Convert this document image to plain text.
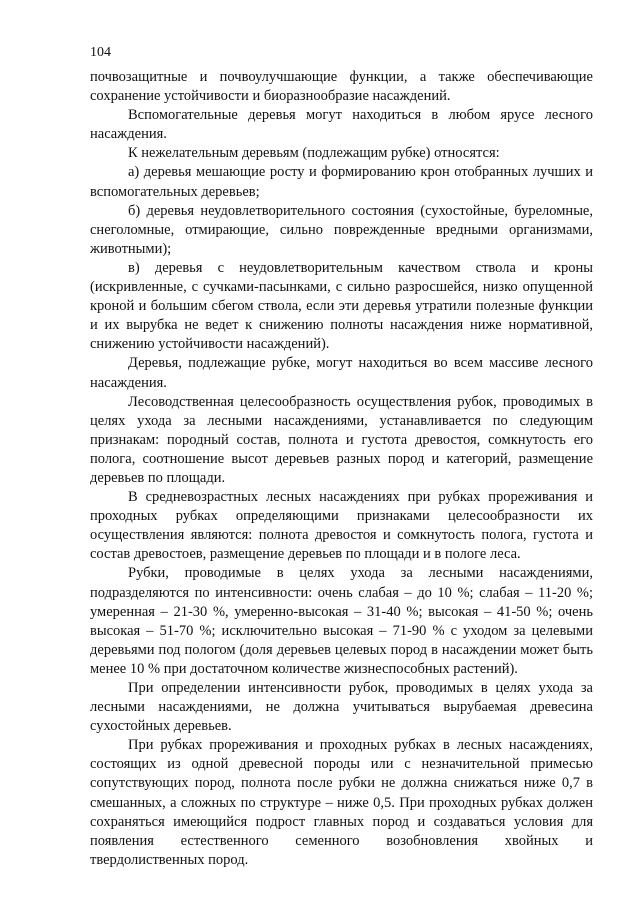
104

почвозащитные и почвоулучшающие функции, а также обеспечивающие сохранение устойчивости и биоразнообразие насаждений.

Вспомогательные деревья могут находиться в любом ярусе лесного насаждения.

К нежелательным деревьям (подлежащим рубке) относятся:

а) деревья мешающие росту и формированию крон отобранных лучших и вспомогательных деревьев;

б) деревья неудовлетворительного состояния (сухостойные, буреломные, снеголомные, отмирающие, сильно поврежденные вредными организмами, животными);

в) деревья с неудовлетворительным качеством ствола и кроны (искривленные, с сучками-пасынками, с сильно разросшейся, низко опущенной кроной и большим сбегом ствола, если эти деревья утратили полезные функции и их вырубка не ведет к снижению полноты насаждения ниже нормативной, снижению устойчивости насаждений).

Деревья, подлежащие рубке, могут находиться во всем массиве лесного насаждения.

Лесоводственная целесообразность осуществления рубок, проводимых в целях ухода за лесными насаждениями, устанавливается по следующим признакам: породный состав, полнота и густота древостоя, сомкнутость его полога, соотношение высот деревьев разных пород и категорий, размещение деревьев по площади.

В средневозрастных лесных насаждениях при рубках прореживания и проходных рубках определяющими признаками целесообразности их осуществления являются: полнота древостоя и сомкнутость полога, густота и состав древостоев, размещение деревьев по площади и в пологе леса.

Рубки, проводимые в целях ухода за лесными насаждениями, подразделяются по интенсивности: очень слабая – до 10 %; слабая – 11-20 %; умеренная – 21-30 %, умеренно-высокая – 31-40 %; высокая – 41-50 %; очень высокая – 51-70 %; исключительно высокая – 71-90 % с уходом за целевыми деревьями под пологом (доля деревьев целевых пород в насаждении может быть менее 10 % при достаточном количестве жизнеспособных растений).

При определении интенсивности рубок, проводимых в целях ухода за лесными насаждениями, не должна учитываться вырубаемая древесина сухостойных деревьев.

При рубках прореживания и проходных рубках в лесных насаждениях, состоящих из одной древесной породы или с незначительной примесью сопутствующих пород, полнота после рубки не должна снижаться ниже 0,7 в смешанных, а сложных по структуре – ниже 0,5. При проходных рубках должен сохраняться имеющийся подрост главных пород и создаваться условия для появления естественного семенного возобновления хвойных и твердолиственных пород.
